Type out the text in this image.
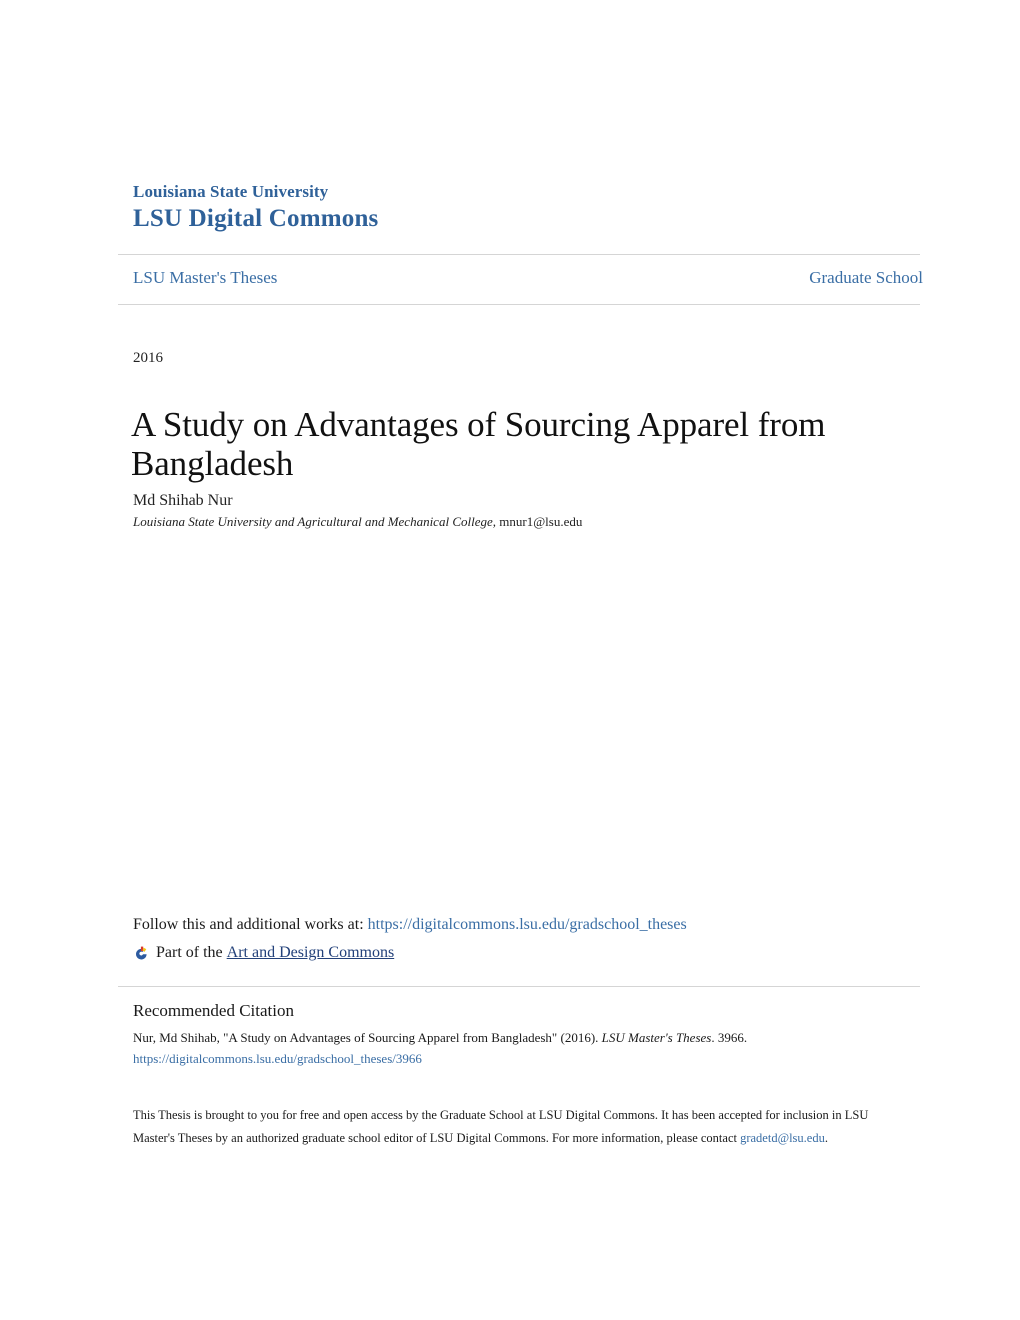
Louisiana State University
LSU Digital Commons
LSU Master's Theses	Graduate School
2016
A Study on Advantages of Sourcing Apparel from Bangladesh
Md Shihab Nur
Louisiana State University and Agricultural and Mechanical College, mnur1@lsu.edu
Follow this and additional works at: https://digitalcommons.lsu.edu/gradschool_theses
Part of the
Art and Design Commons
Recommended Citation
Nur, Md Shihab, "A Study on Advantages of Sourcing Apparel from Bangladesh" (2016). LSU Master's Theses. 3966.
https://digitalcommons.lsu.edu/gradschool_theses/3966
This Thesis is brought to you for free and open access by the Graduate School at LSU Digital Commons. It has been accepted for inclusion in LSU Master's Theses by an authorized graduate school editor of LSU Digital Commons. For more information, please contact gradetd@lsu.edu.
